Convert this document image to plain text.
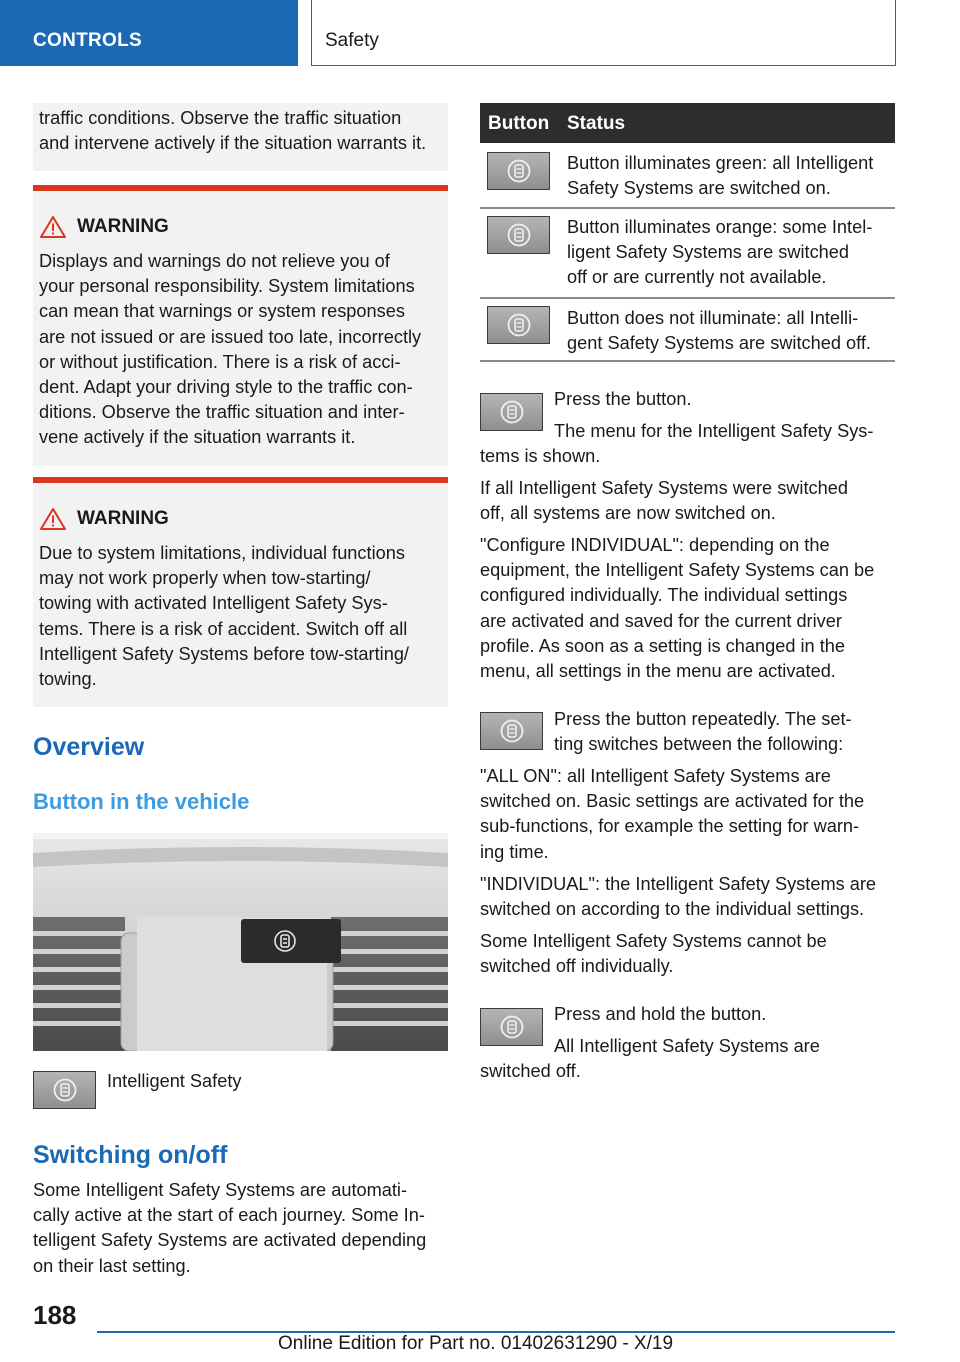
CONTROLS	Safety
traffic conditions. Observe the traffic situation
and intervene actively if the situation warrants it.
WARNING
Displays and warnings do not relieve you of
your personal responsibility. System limitations
can mean that warnings or system responses
are not issued or are issued too late, incorrectly
or without justification. There is a risk of acci-
dent. Adapt your driving style to the traffic con-
ditions. Observe the traffic situation and inter-
vene actively if the situation warrants it.
WARNING
Due to system limitations, individual functions
may not work properly when tow-starting/
towing with activated Intelligent Safety Sys-
tems. There is a risk of accident. Switch off all
Intelligent Safety Systems before tow-starting/
towing.
Overview
Button in the vehicle
Intelligent Safety
Switching on/off
Some Intelligent Safety Systems are automati-
cally active at the start of each journey. Some In-
telligent Safety Systems are activated depending
on their last setting.
Button Status
Button illuminates green: all Intelligent
Safety Systems are switched on.
Button illuminates orange: some Intel-
ligent Safety Systems are switched
off or are currently not available.
Button does not illuminate: all Intelli-
gent Safety Systems are switched off.
Press the button.
The menu for the Intelligent Safety Sys-
tems is shown.
If all Intelligent Safety Systems were switched
off, all systems are now switched on.
"Configure INDIVIDUAL": depending on the
equipment, the Intelligent Safety Systems can be
configured individually. The individual settings
are activated and saved for the current driver
profile. As soon as a setting is changed in the
menu, all settings in the menu are activated.
Press the button repeatedly. The set-
ting switches between the following:
"ALL ON": all Intelligent Safety Systems are
switched on. Basic settings are activated for the
sub-functions, for example the setting for warn-
ing time.
"INDIVIDUAL": the Intelligent Safety Systems are
switched on according to the individual settings.
Some Intelligent Safety Systems cannot be
switched off individually.
Press and hold the button.
All Intelligent Safety Systems are
switched off.
188
Online Edition for Part no. 01402631290 - X/19
